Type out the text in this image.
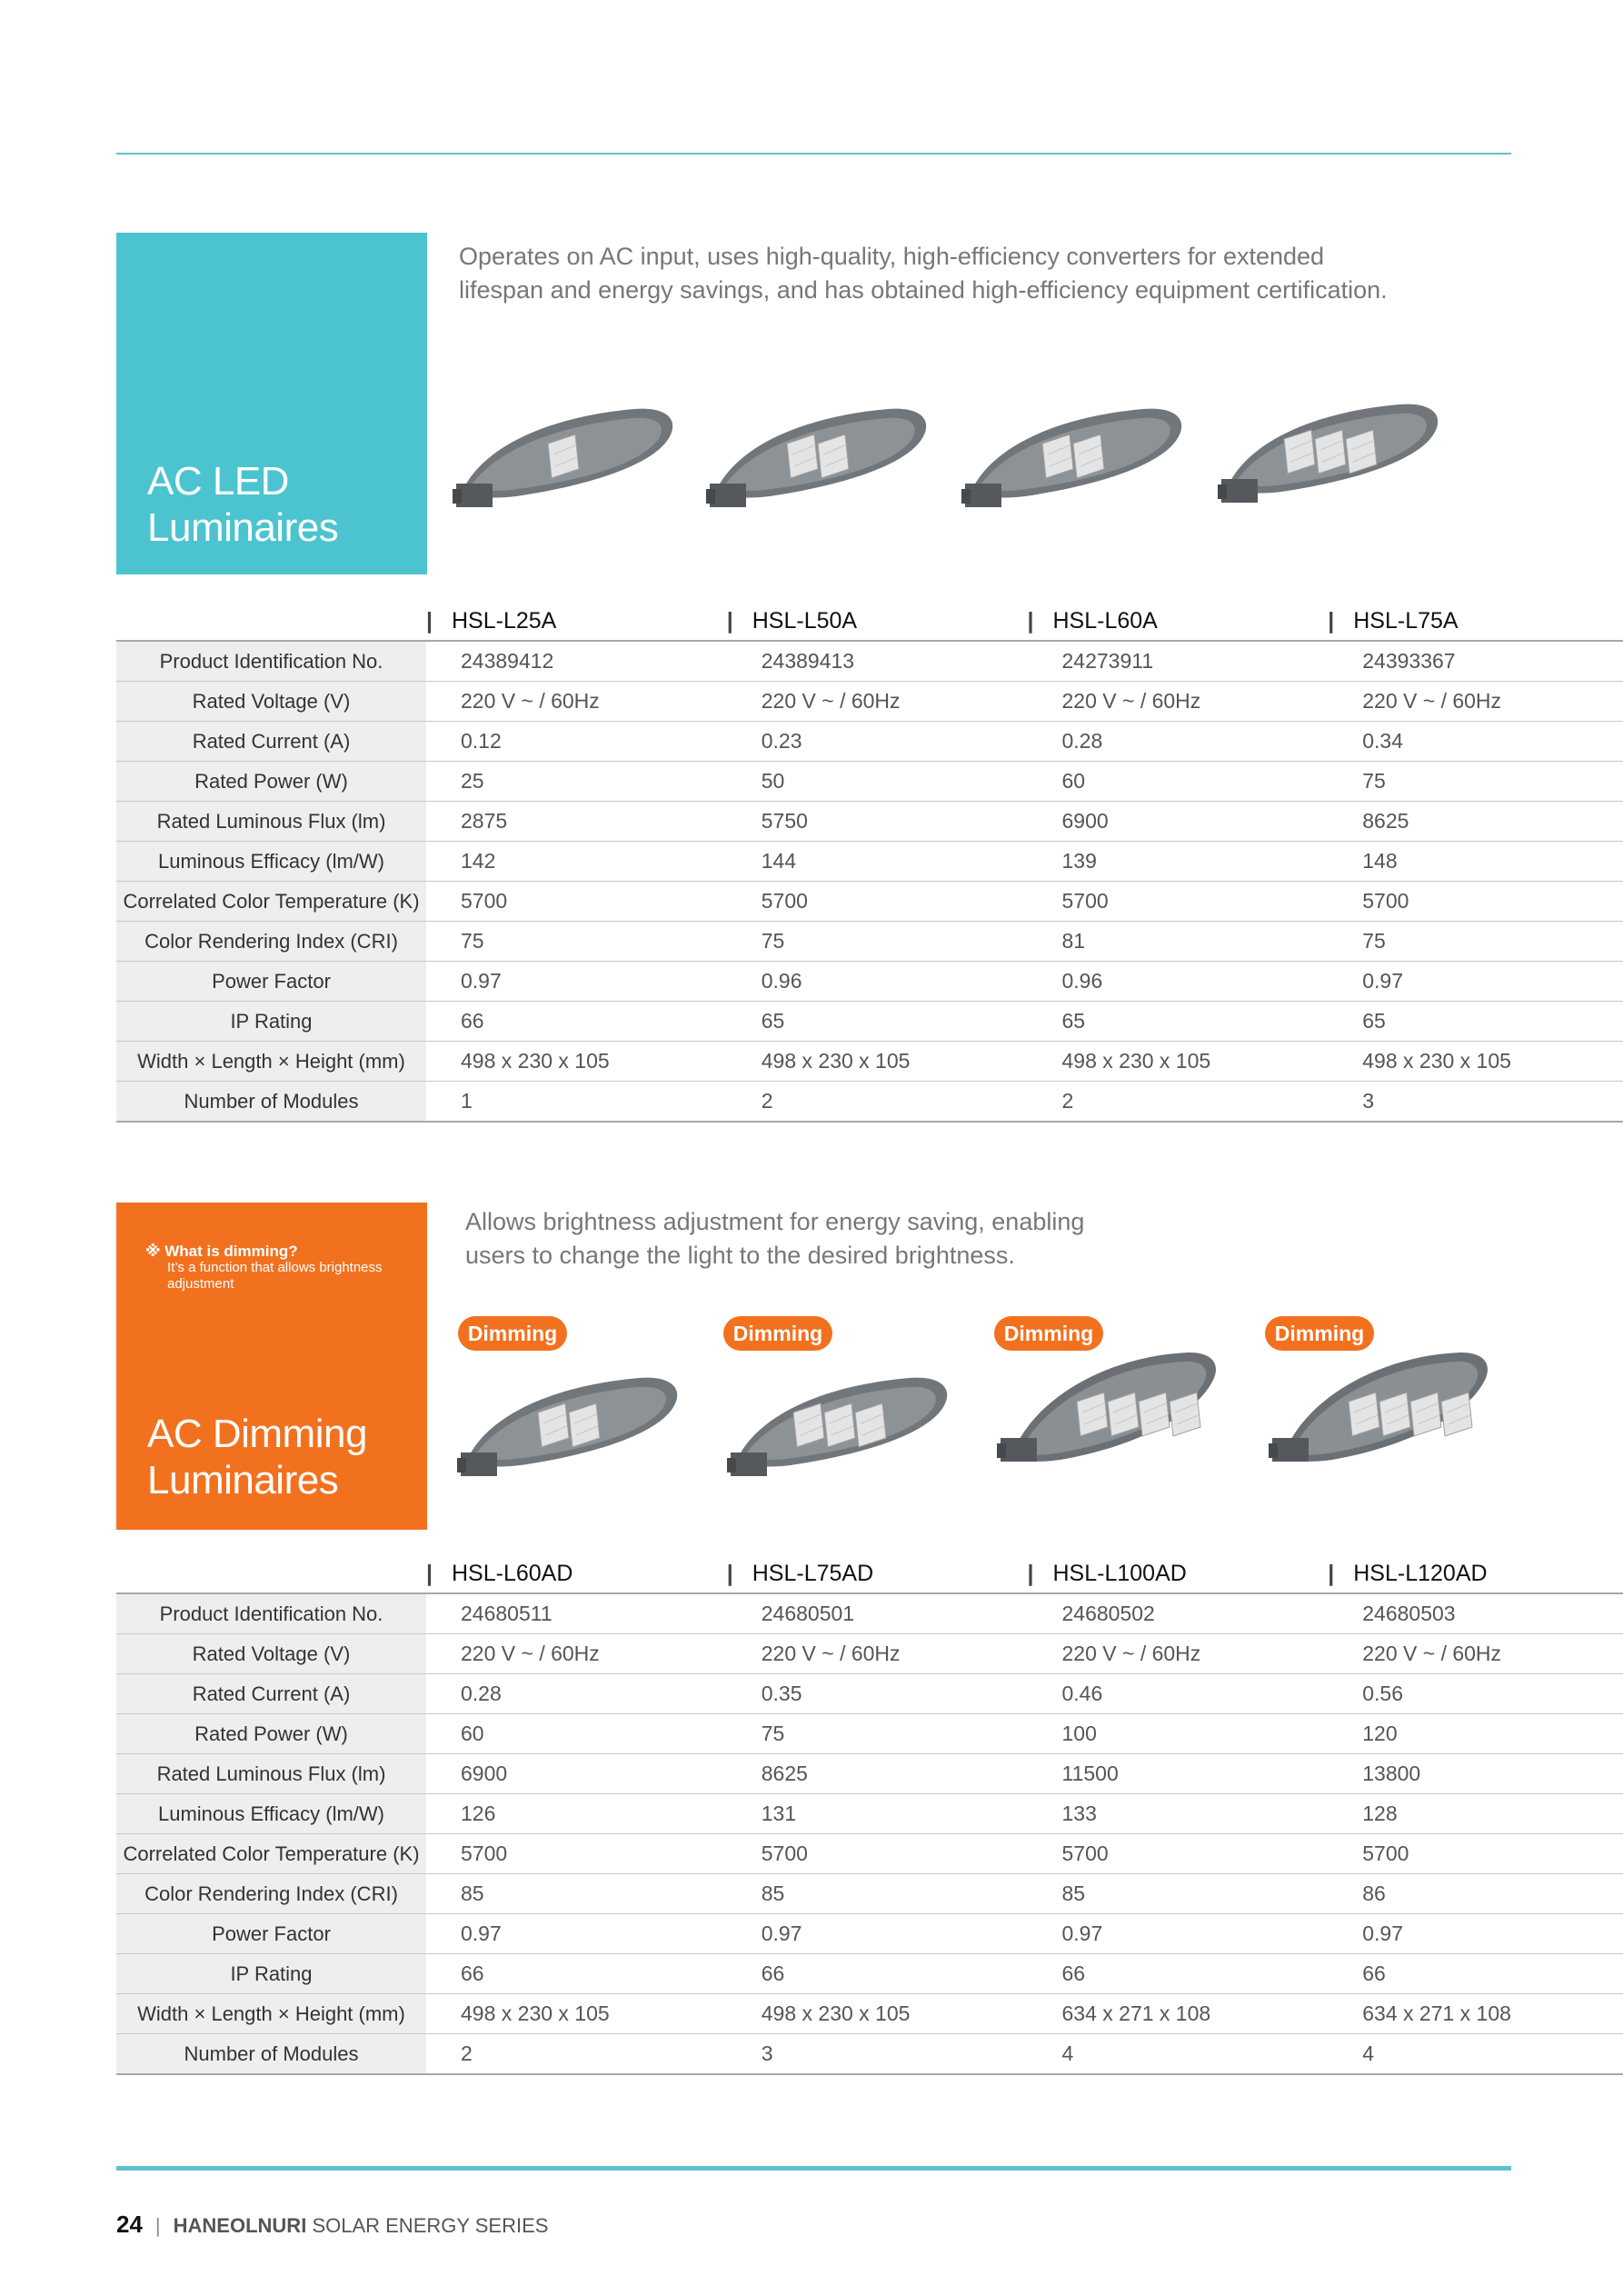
AC LED
Luminaires
Operates on AC input, uses high-quality, high-efficiency converters for extended
lifespan and energy savings, and has obtained high-efficiency equipment certification.
	| HSL-L25A	| HSL-L50A	| HSL-L60A	| HSL-L75A
Product Identification No.	24389412	24389413	24273911	24393367
Rated Voltage (V)	220 V ~ / 60Hz	220 V ~ / 60Hz	220 V ~ / 60Hz	220 V ~ / 60Hz
Rated Current (A)	0.12	0.23	0.28	0.34
Rated Power (W)	25	50	60	75
Rated Luminous Flux (lm)	2875	5750	6900	8625
Luminous Efficacy (lm/W)	142	144	139	148
Correlated Color Temperature (K)	5700	5700	5700	5700
Color Rendering Index (CRI)	75	75	81	75
Power Factor	0.97	0.96	0.96	0.97
IP Rating	66	65	65	65
Width × Length × Height (mm)	498 x 230 x 105	498 x 230 x 105	498 x 230 x 105	498 x 230 x 105
Number of Modules	1	2	2	3
※ What is dimming?
It’s a function that allows brightness
adjustment
AC Dimming
Luminaires
Allows brightness adjustment for energy saving, enabling
users to change the light to the desired brightness.
Dimming	Dimming	Dimming	Dimming
	| HSL-L60AD	| HSL-L75AD	| HSL-L100AD	| HSL-L120AD
Product Identification No.	24680511	24680501	24680502	24680503
Rated Voltage (V)	220 V ~ / 60Hz	220 V ~ / 60Hz	220 V ~ / 60Hz	220 V ~ / 60Hz
Rated Current (A)	0.28	0.35	0.46	0.56
Rated Power (W)	60	75	100	120
Rated Luminous Flux (lm)	6900	8625	11500	13800
Luminous Efficacy (lm/W)	126	131	133	128
Correlated Color Temperature (K)	5700	5700	5700	5700
Color Rendering Index (CRI)	85	85	85	86
Power Factor	0.97	0.97	0.97	0.97
IP Rating	66	66	66	66
Width × Length × Height (mm)	498 x 230 x 105	498 x 230 x 105	634 x 271 x 108	634 x 271 x 108
Number of Modules	2	3	4	4
24 | HANEOLNURI SOLAR ENERGY SERIES
